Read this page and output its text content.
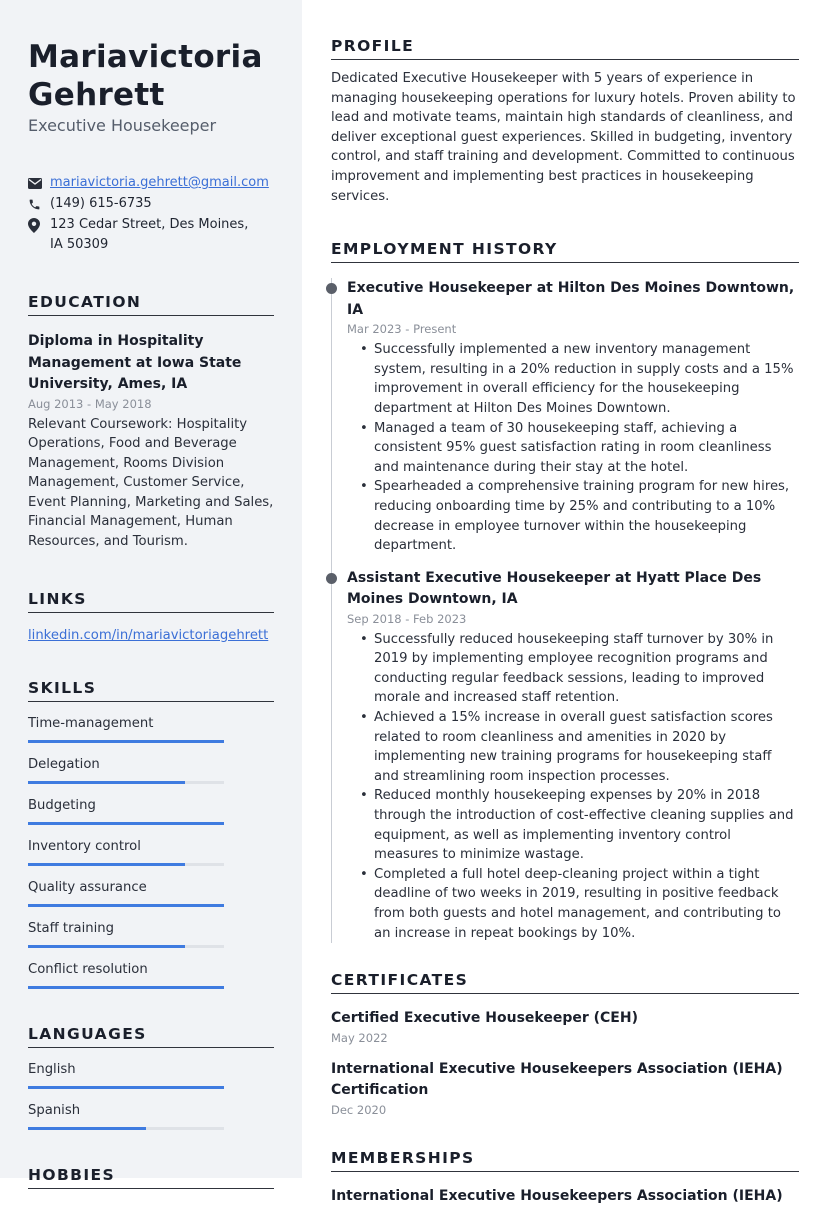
Mariavictoria
Gehrett
Executive Housekeeper
mariavictoria.gehrett@gmail.com
(149) 615-6735
123 Cedar Street, Des Moines, IA 50309
EDUCATION
Diploma in Hospitality Management at Iowa State University, Ames, IA
Aug 2013 - May 2018
Relevant Coursework: Hospitality Operations, Food and Beverage Management, Rooms Division Management, Customer Service, Event Planning, Marketing and Sales, Financial Management, Human Resources, and Tourism.
LINKS
linkedin.com/in/mariavictoriagehrett
SKILLS
Time-management
Delegation
Budgeting
Inventory control
Quality assurance
Staff training
Conflict resolution
LANGUAGES
English
Spanish
HOBBIES
PROFILE

Dedicated Executive Housekeeper with 5 years of experience in managing housekeeping operations for luxury hotels. Proven ability to lead and motivate teams, maintain high standards of cleanliness, and deliver exceptional guest experiences. Skilled in budgeting, inventory control, and staff training and development. Committed to continuous improvement and implementing best practices in housekeeping services.

EMPLOYMENT HISTORY
Executive Housekeeper at Hilton Des Moines Downtown, IA
Mar 2023 - Present
• Successfully implemented a new inventory management system, resulting in a 20% reduction in supply costs and a 15% improvement in overall efficiency for the housekeeping department at Hilton Des Moines Downtown.
• Managed a team of 30 housekeeping staff, achieving a consistent 95% guest satisfaction rating in room cleanliness and maintenance during their stay at the hotel.
• Spearheaded a comprehensive training program for new hires, reducing onboarding time by 25% and contributing to a 10% decrease in employee turnover within the housekeeping department.
Assistant Executive Housekeeper at Hyatt Place Des Moines Downtown, IA
Sep 2018 - Feb 2023
• Successfully reduced housekeeping staff turnover by 30% in 2019 by implementing employee recognition programs and conducting regular feedback sessions, leading to improved morale and increased staff retention.
• Achieved a 15% increase in overall guest satisfaction scores related to room cleanliness and amenities in 2020 by implementing new training programs for housekeeping staff and streamlining room inspection processes.
• Reduced monthly housekeeping expenses by 20% in 2018 through the introduction of cost-effective cleaning supplies and equipment, as well as implementing inventory control measures to minimize wastage.
• Completed a full hotel deep-cleaning project within a tight deadline of two weeks in 2019, resulting in positive feedback from both guests and hotel management, and contributing to an increase in repeat bookings by 10%.
CERTIFICATES
Certified Executive Housekeeper (CEH)
May 2022
International Executive Housekeepers Association (IEHA) Certification
Dec 2020
MEMBERSHIPS
International Executive Housekeepers Association (IEHA)
